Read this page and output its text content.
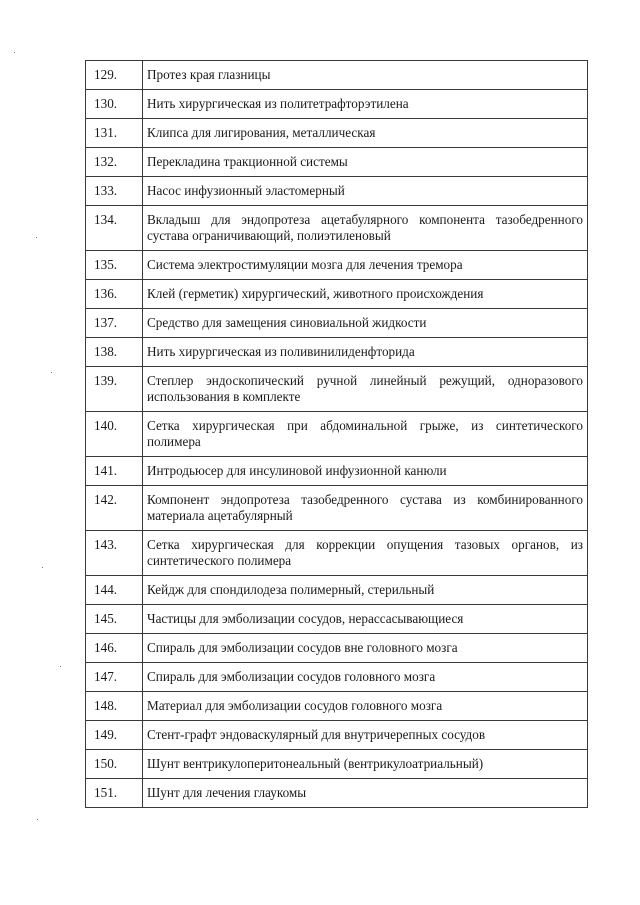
129.	Протез края глазницы
130.	Нить хирургическая из политетрафторэтилена
131.	Клипса для лигирования, металлическая
132.	Перекладина тракционной системы
133.	Насос инфузионный эластомерный
134.	Вкладыш для эндопротеза ацетабулярного компонента тазобедренного сустава ограничивающий, полиэтиленовый
135.	Система электростимуляции мозга для лечения тремора
136.	Клей (герметик) хирургический, животного происхождения
137.	Средство для замещения синовиальной жидкости
138.	Нить хирургическая из поливинилиденфторида
139.	Степлер эндоскопический ручной линейный режущий, одноразового использования в комплекте
140.	Сетка хирургическая при абдоминальной грыже, из синтетического полимера
141.	Интродьюсер для инсулиновой инфузионной канюли
142.	Компонент эндопротеза тазобедренного сустава из комбинированного материала ацетабулярный
143.	Сетка хирургическая для коррекции опущения тазовых органов, из синтетического полимера
144.	Кейдж для спондилодеза полимерный, стерильный
145.	Частицы для эмболизации сосудов, нерассасывающиеся
146.	Спираль для эмболизации сосудов вне головного мозга
147.	Спираль для эмболизации сосудов головного мозга
148.	Материал для эмболизации сосудов головного мозга
149.	Стент-графт эндоваскулярный для внутричерепных сосудов
150.	Шунт вентрикулоперитонеальный (вентрикулоатриальный)
151.	Шунт для лечения глаукомы
